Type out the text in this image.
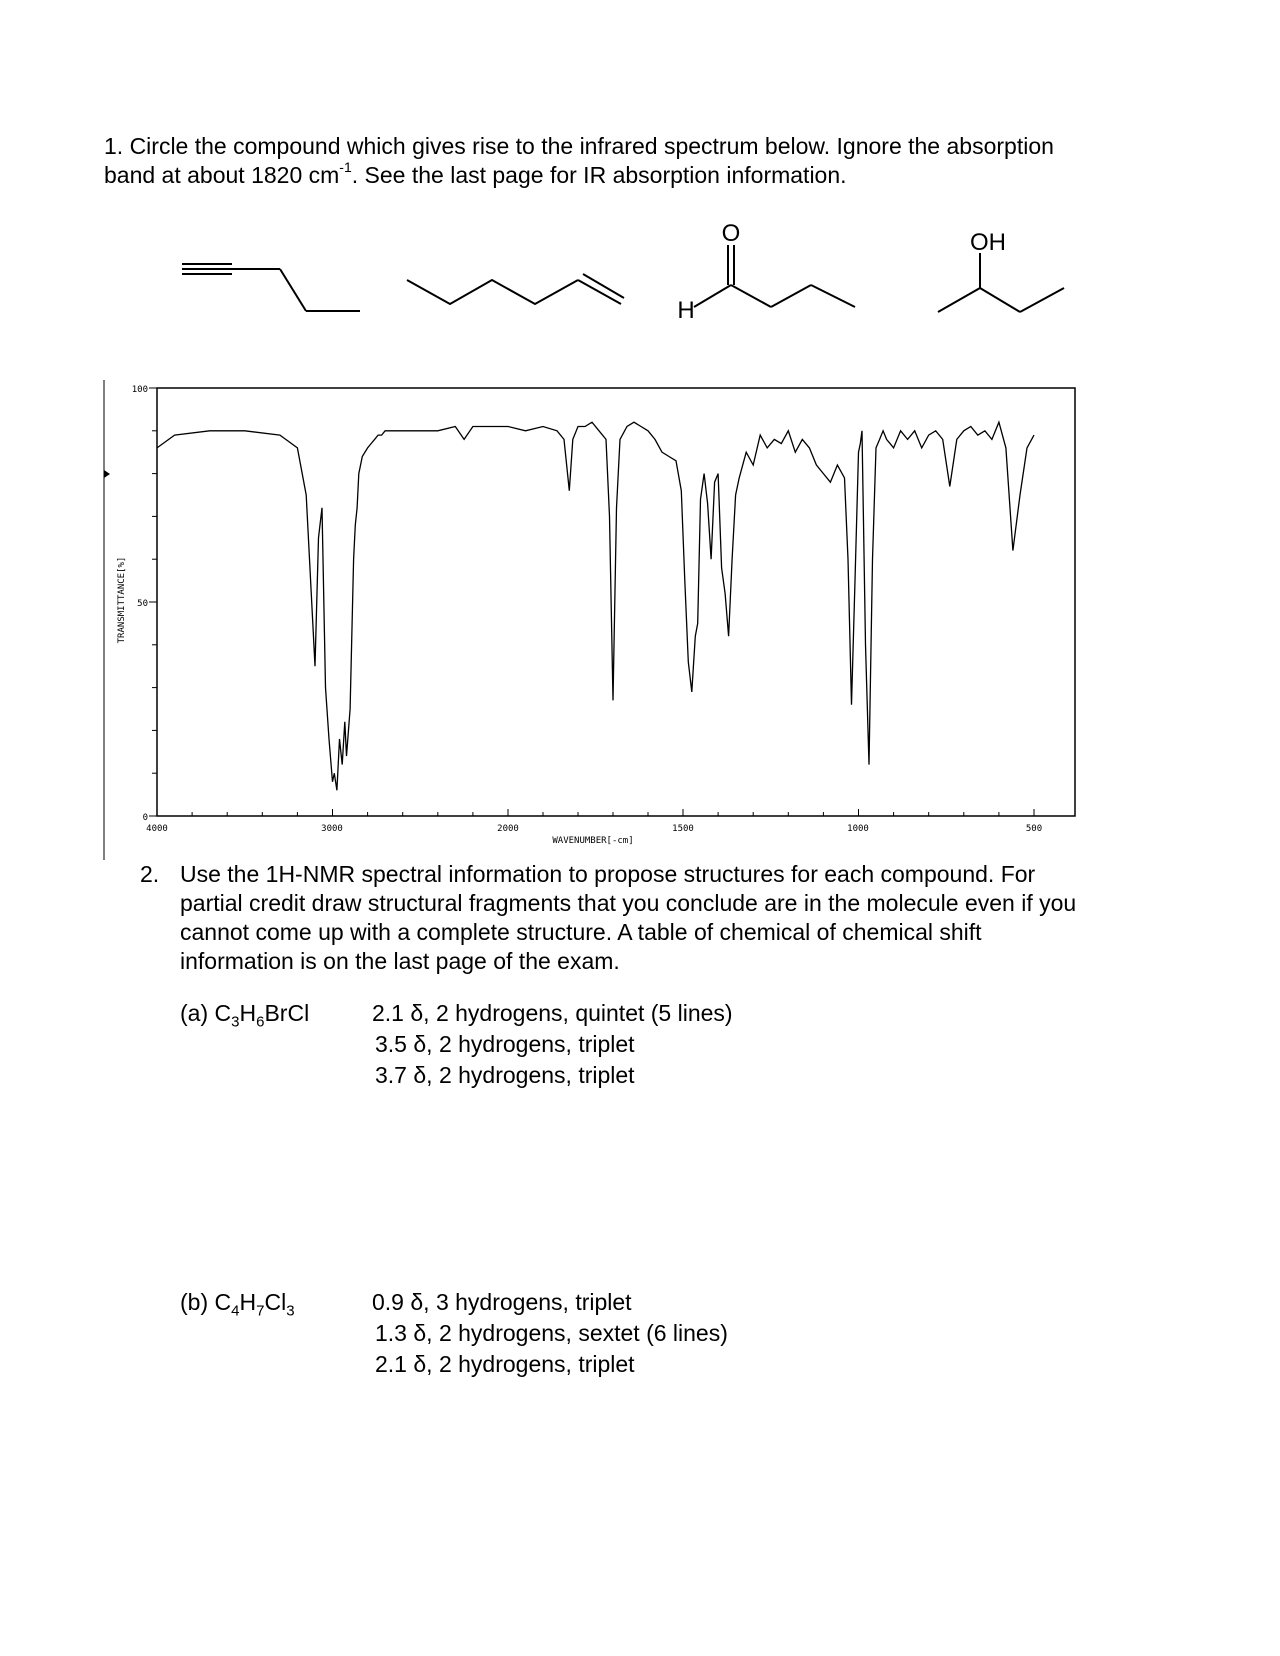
1. Circle the compound which gives rise to the infrared spectrum below. Ignore the absorption
band at about 1820 $cm^{-1}$. See the last page for IR absorption information.
O
H
OH
100
50
0
TRANSMITTANCE[%]
4000	3000	2000	1500	1000	500
WAVENUMBER[-cm]
2. Use the 1H-NMR spectral information to propose structures for each compound. For
partial credit draw structural fragments that you conclude are in the molecule even if you
cannot come up with a complete structure. A table of chemical of chemical shift
information is on the last page of the exam.
(a) $C_3H_6BrCl$	2.1 δ, 2 hydrogens, quintet (5 lines)
3.5 δ, 2 hydrogens, triplet
3.7 δ, 2 hydrogens, triplet
(b) $C_4H_7Cl_3$	0.9 δ, 3 hydrogens, triplet
1.3 δ, 2 hydrogens, sextet (6 lines)
2.1 δ, 2 hydrogens, triplet
